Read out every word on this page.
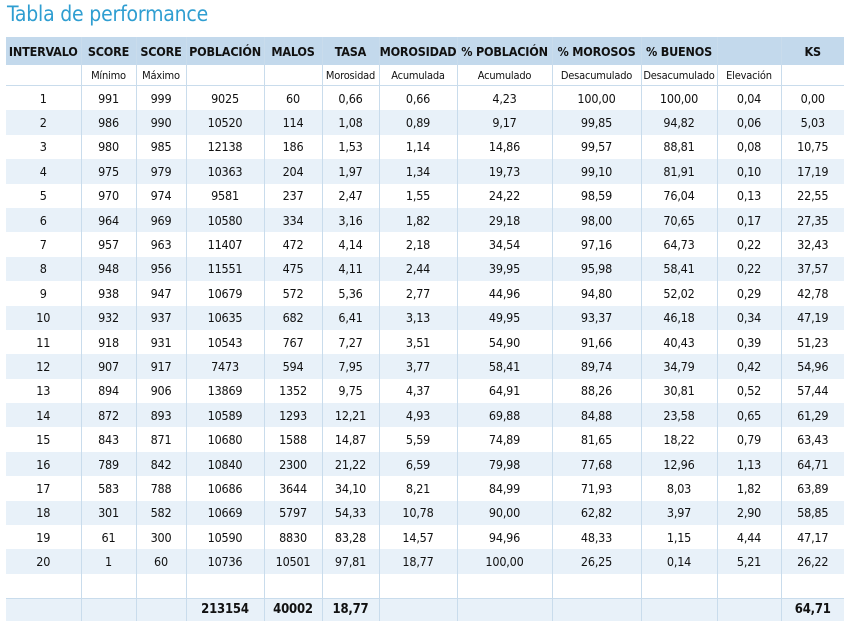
Tabla de performance
INTERVALO	SCORE	SCORE	POBLACIÓN	MALOS	TASA	MOROSIDAD	% POBLACIÓN	% MOROSOS	% BUENOS		KS
	Mínimo	Máximo			Morosidad	Acumulada	Acumulado	Desacumulado	Desacumulado	Elevación	
1	991	999	9025	60	0,66	0,66	4,23	100,00	100,00	0,04	0,00
2	986	990	10520	114	1,08	0,89	9,17	99,85	94,82	0,06	5,03
3	980	985	12138	186	1,53	1,14	14,86	99,57	88,81	0,08	10,75
4	975	979	10363	204	1,97	1,34	19,73	99,10	81,91	0,10	17,19
5	970	974	9581	237	2,47	1,55	24,22	98,59	76,04	0,13	22,55
6	964	969	10580	334	3,16	1,82	29,18	98,00	70,65	0,17	27,35
7	957	963	11407	472	4,14	2,18	34,54	97,16	64,73	0,22	32,43
8	948	956	11551	475	4,11	2,44	39,95	95,98	58,41	0,22	37,57
9	938	947	10679	572	5,36	2,77	44,96	94,80	52,02	0,29	42,78
10	932	937	10635	682	6,41	3,13	49,95	93,37	46,18	0,34	47,19
11	918	931	10543	767	7,27	3,51	54,90	91,66	40,43	0,39	51,23
12	907	917	7473	594	7,95	3,77	58,41	89,74	34,79	0,42	54,96
13	894	906	13869	1352	9,75	4,37	64,91	88,26	30,81	0,52	57,44
14	872	893	10589	1293	12,21	4,93	69,88	84,88	23,58	0,65	61,29
15	843	871	10680	1588	14,87	5,59	74,89	81,65	18,22	0,79	63,43
16	789	842	10840	2300	21,22	6,59	79,98	77,68	12,96	1,13	64,71
17	583	788	10686	3644	34,10	8,21	84,99	71,93	8,03	1,82	63,89
18	301	582	10669	5797	54,33	10,78	90,00	62,82	3,97	2,90	58,85
19	61	300	10590	8830	83,28	14,57	94,96	48,33	1,15	4,44	47,17
20	1	60	10736	10501	97,81	18,77	100,00	26,25	0,14	5,21	26,22

			213154	40002	18,77						64,71
